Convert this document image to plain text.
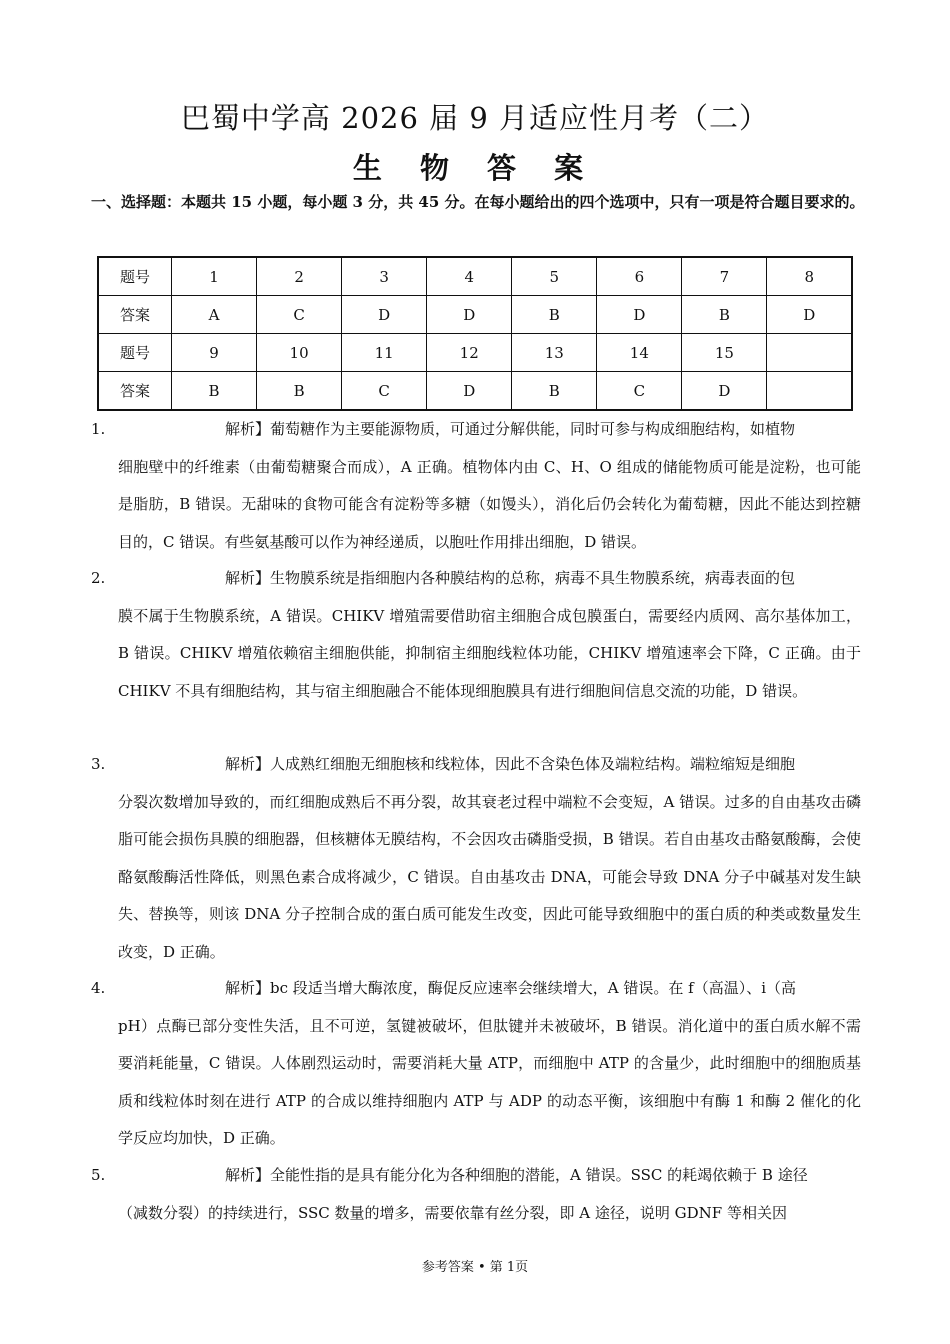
巴蜀中学高 2026 届 9 月适应性月考（二）
生 物 答 案
一、选择题：本题共 15 小题，每小题 3 分，共 45 分。在每小题给出的四个选项中，只有一项是符合题目要求的。
题号	1	2	3	4	5	6	7	8
答案	A	C	D	D	B	D	B	D
题号	9	10	11	12	13	14	15	
答案	B	B	C	D	B	C	D	
1.	解析】葡萄糖作为主要能源物质，可通过分解供能，同时可参与构成细胞结构，如植物

细胞壁中的纤维素（由葡萄糖聚合而成），A 正确。植物体内由 C、H、O 组成的储能物质可能是淀粉，也可能是脂肪，B 错误。无甜味的食物可能含有淀粉等多糖（如馒头），消化后仍会转化为葡萄糖，因此不能达到控糖目的，C 错误。有些氨基酸可以作为神经递质，以胞吐作用排出细胞，D 错误。

2.	解析】生物膜系统是指细胞内各种膜结构的总称，病毒不具生物膜系统，病毒表面的包

膜不属于生物膜系统，A 错误。CHIKV 增殖需要借助宿主细胞合成包膜蛋白，需要经内质网、高尔基体加工，B 错误。CHIKV 增殖依赖宿主细胞供能，抑制宿主细胞线粒体功能，CHIKV 增殖速率会下降，C 正确。由于 CHIKV 不具有细胞结构，其与宿主细胞融合不能体现细胞膜具有进行细胞间信息交流的功能，D 错误。

3.	解析】人成熟红细胞无细胞核和线粒体，因此不含染色体及端粒结构。端粒缩短是细胞

分裂次数增加导致的，而红细胞成熟后不再分裂，故其衰老过程中端粒不会变短，A 错误。过多的自由基攻击磷脂可能会损伤具膜的细胞器，但核糖体无膜结构，不会因攻击磷脂受损，B 错误。若自由基攻击酪氨酸酶，会使酪氨酸酶活性降低，则黑色素合成将减少，C 错误。自由基攻击 DNA，可能会导致 DNA 分子中碱基对发生缺失、替换等，则该 DNA 分子控制合成的蛋白质可能发生改变，因此可能导致细胞中的蛋白质的种类或数量发生改变，D 正确。

4.	解析】bc 段适当增大酶浓度，酶促反应速率会继续增大，A 错误。在 f（高温）、i（高

pH）点酶已部分变性失活，且不可逆，氢键被破坏，但肽键并未被破坏，B 错误。消化道中的蛋白质水解不需要消耗能量，C 错误。人体剧烈运动时，需要消耗大量 ATP，而细胞中 ATP 的含量少，此时细胞中的细胞质基质和线粒体时刻在进行 ATP 的合成以维持细胞内 ATP 与 ADP 的动态平衡，该细胞中有酶 1 和酶 2 催化的化学反应均加快，D 正确。

5.	解析】全能性指的是具有能分化为各种细胞的潜能，A 错误。SSC 的耗竭依赖于 B 途径

（减数分裂）的持续进行，SSC 数量的增多，需要依靠有丝分裂，即 A 途径，说明 GDNF 等相关因

参考答案 • 第 1页
